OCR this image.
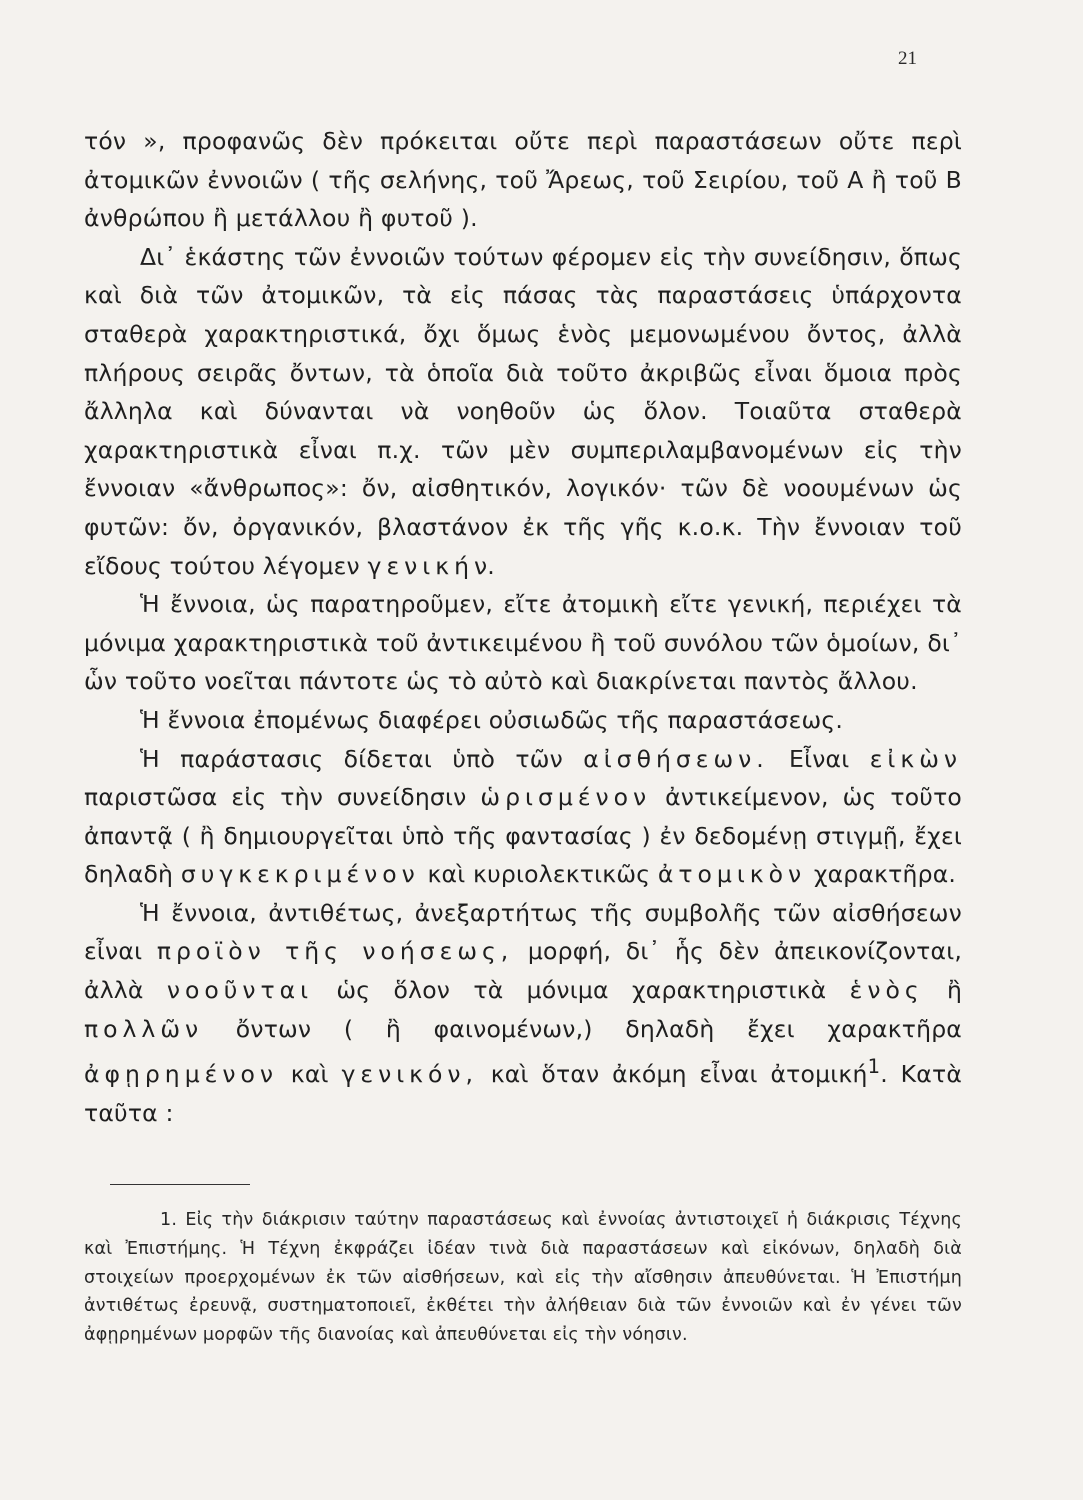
21

τόν », προφανῶς δὲν πρόκειται οὔτε περὶ παραστάσεων οὔτε περὶ ἀτομικῶν ἐννοιῶν ( τῆς σελήνης, τοῦ Ἄρεως, τοῦ Σειρίου, τοῦ Α ἢ τοῦ Β ἀνθρώπου ἢ μετάλλου ἢ φυτοῦ ).

Δι᾽ ἑκάστης τῶν ἐννοιῶν τούτων φέρομεν εἰς τὴν συνείδησιν, ὅπως καὶ διὰ τῶν ἀτομικῶν, τὰ εἰς πάσας τὰς παραστάσεις ὑπάρχοντα σταθερὰ χαρακτηριστικά, ὄχι ὅμως ἑνὸς μεμονωμένου ὄντος, ἀλλὰ πλήρους σειρᾶς ὄντων, τὰ ὁποῖα διὰ τοῦτο ἀκριβῶς εἶναι ὅμοια πρὸς ἄλληλα καὶ δύνανται νὰ νοηθοῦν ὡς ὅλον. Τοιαῦτα σταθερὰ χαρακτηριστικὰ εἶναι π.χ. τῶν μὲν συμπεριλαμβανομένων εἰς τὴν ἔννοιαν «ἄνθρωπος»: ὄν, αἰσθητικόν, λογικόν· τῶν δὲ νοουμένων ὡς φυτῶν: ὄν, ὀργανικόν, βλαστάνον ἐκ τῆς γῆς κ.ο.κ. Τὴν ἔννοιαν τοῦ εἴδους τούτου λέγομεν γενικήν.

Ἡ ἔννοια, ὡς παρατηροῦμεν, εἴτε ἀτομικὴ εἴτε γενική, περιέχει τὰ μόνιμα χαρακτηριστικὰ τοῦ ἀντικειμένου ἢ τοῦ συνόλου τῶν ὁμοίων, δι᾽ ὧν τοῦτο νοεῖται πάντοτε ὡς τὸ αὐτὸ καὶ διακρίνεται παντὸς ἄλλου.

Ἡ ἔννοια ἐπομένως διαφέρει οὐσιωδῶς τῆς παραστάσεως.

Ἡ παράστασις δίδεται ὑπὸ τῶν αἰσθήσεων. Εἶναι εἰκὼν παριστῶσα εἰς τὴν συνείδησιν ὡρισμένον ἀντικείμενον, ὡς τοῦτο ἀπαντᾷ ( ἢ δημιουργεῖται ὑπὸ τῆς φαντασίας ) ἐν δεδομένῃ στιγμῇ, ἔχει δηλαδὴ συγκεκριμένον καὶ κυριολεκτικῶς ἀτομικὸν χαρακτῆρα.

Ἡ ἔννοια, ἀντιθέτως, ἀνεξαρτήτως τῆς συμβολῆς τῶν αἰσθήσεων εἶναι προϊὸν τῆς νοήσεως, μορφή, δι᾽ ἧς δὲν ἀπεικονίζονται, ἀλλὰ νοοῦνται ὡς ὅλον τὰ μόνιμα χαρακτηριστικὰ ἑνὸς ἢ πολλῶν ὄντων ( ἢ φαινομένων,) δηλαδὴ ἔχει χαρακτῆρα ἀφῃρημένον καὶ γενικόν, καὶ ὅταν ἀκόμη εἶναι ἀτομική$^1$. Κατὰ ταῦτα :

1. Εἰς τὴν διάκρισιν ταύτην παραστάσεως καὶ ἐννοίας ἀντιστοιχεῖ ἡ διάκρισις Τέχνης καὶ Ἐπιστήμης. Ἡ Τέχνη ἐκφράζει ἰδέαν τινὰ διὰ παραστάσεων καὶ εἰκόνων, δηλαδὴ διὰ στοιχείων προερχομένων ἐκ τῶν αἰσθήσεων, καὶ εἰς τὴν αἴσθησιν ἀπευθύνεται. Ἡ Ἐπιστήμη ἀντιθέτως ἐρευνᾷ, συστηματοποιεῖ, ἐκθέτει τὴν ἀλήθειαν διὰ τῶν ἐννοιῶν καὶ ἐν γένει τῶν ἀφῃρημένων μορφῶν τῆς διανοίας καὶ ἀπευθύνεται εἰς τὴν νόησιν.
